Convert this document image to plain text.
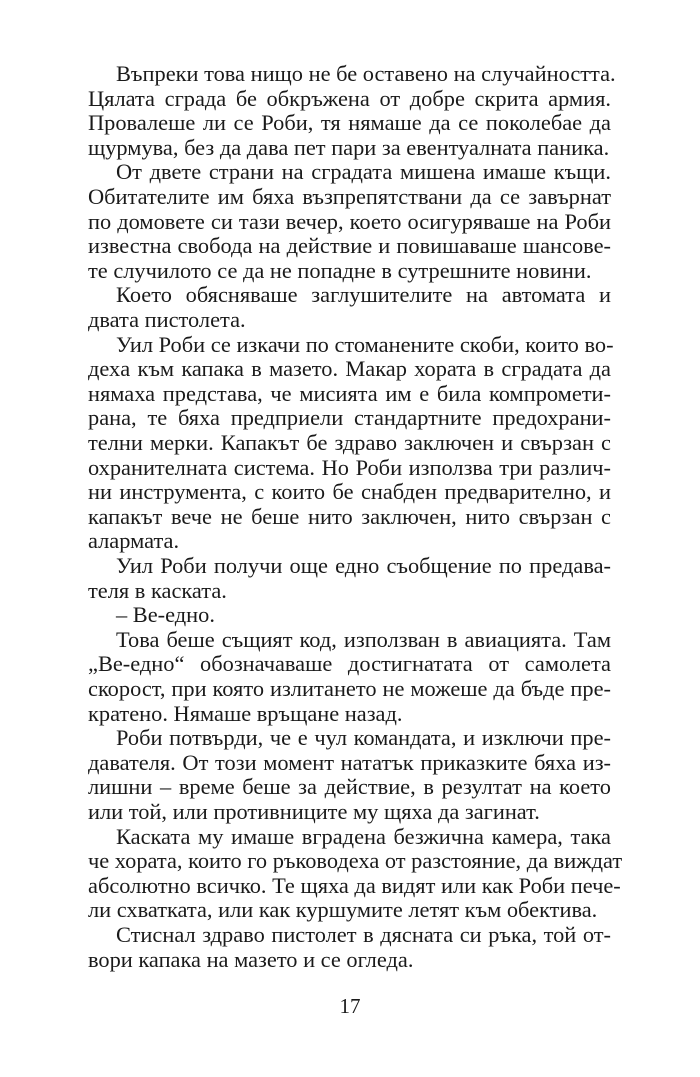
Въпреки това нищо не бе оставено на случайността.
Цялата сграда бе обкръжена от добре скрита армия.
Провалеше ли се Роби, тя нямаше да се поколебае да
щурмува, без да дава пет пари за евентуалната паника.
От двете страни на сградата мишена имаше къщи.
Обитателите им бяха възпрепятствани да се завърнат
по домовете си тази вечер, което осигуряваше на Роби
известна свобода на действие и повишаваше шансове-
те случилото се да не попадне в сутрешните новини.
Което обясняваше заглушителите на автомата и
двата пистолета.
Уил Роби се изкачи по стоманените скоби, които во-
дехa към капака в мазето. Макар хората в сградата да
нямаха представа, че мисията им е била компромети-
рана, те бяха предприели стандартните предохрани-
телни мерки. Капакът бе здраво заключен и свързан с
охранителната система. Но Роби използва три различ-
ни инструмента, с които бе снабден предварително, и
капакът вече не беше нито заключен, нито свързан с
алармата.
Уил Роби получи още едно съобщение по предава-
теля в каската.
– Ве-едно.
Това беше същият код, използван в авиацията. Там
„Ве-едно“ обозначаваше достигнатата от самолета
скорост, при която излитането не можеше да бъде пре-
кратено. Нямаше връщане назад.
Роби потвърди, че е чул командата, и изключи пре-
давателя. От този момент нататък приказките бяха из-
лишни – време беше за действие, в резултат на което
или той, или противниците му щяха да загинат.
Каската му имаше вградена безжична камера, така
че хората, които го ръководеха от разстояние, да виждат
абсолютно всичко. Те щяха да видят или как Роби пече-
ли схватката, или как куршумите летят към обектива.
Стиснал здраво пистолет в дясната си ръка, той от-
вори капака на мазето и се огледа.
17
